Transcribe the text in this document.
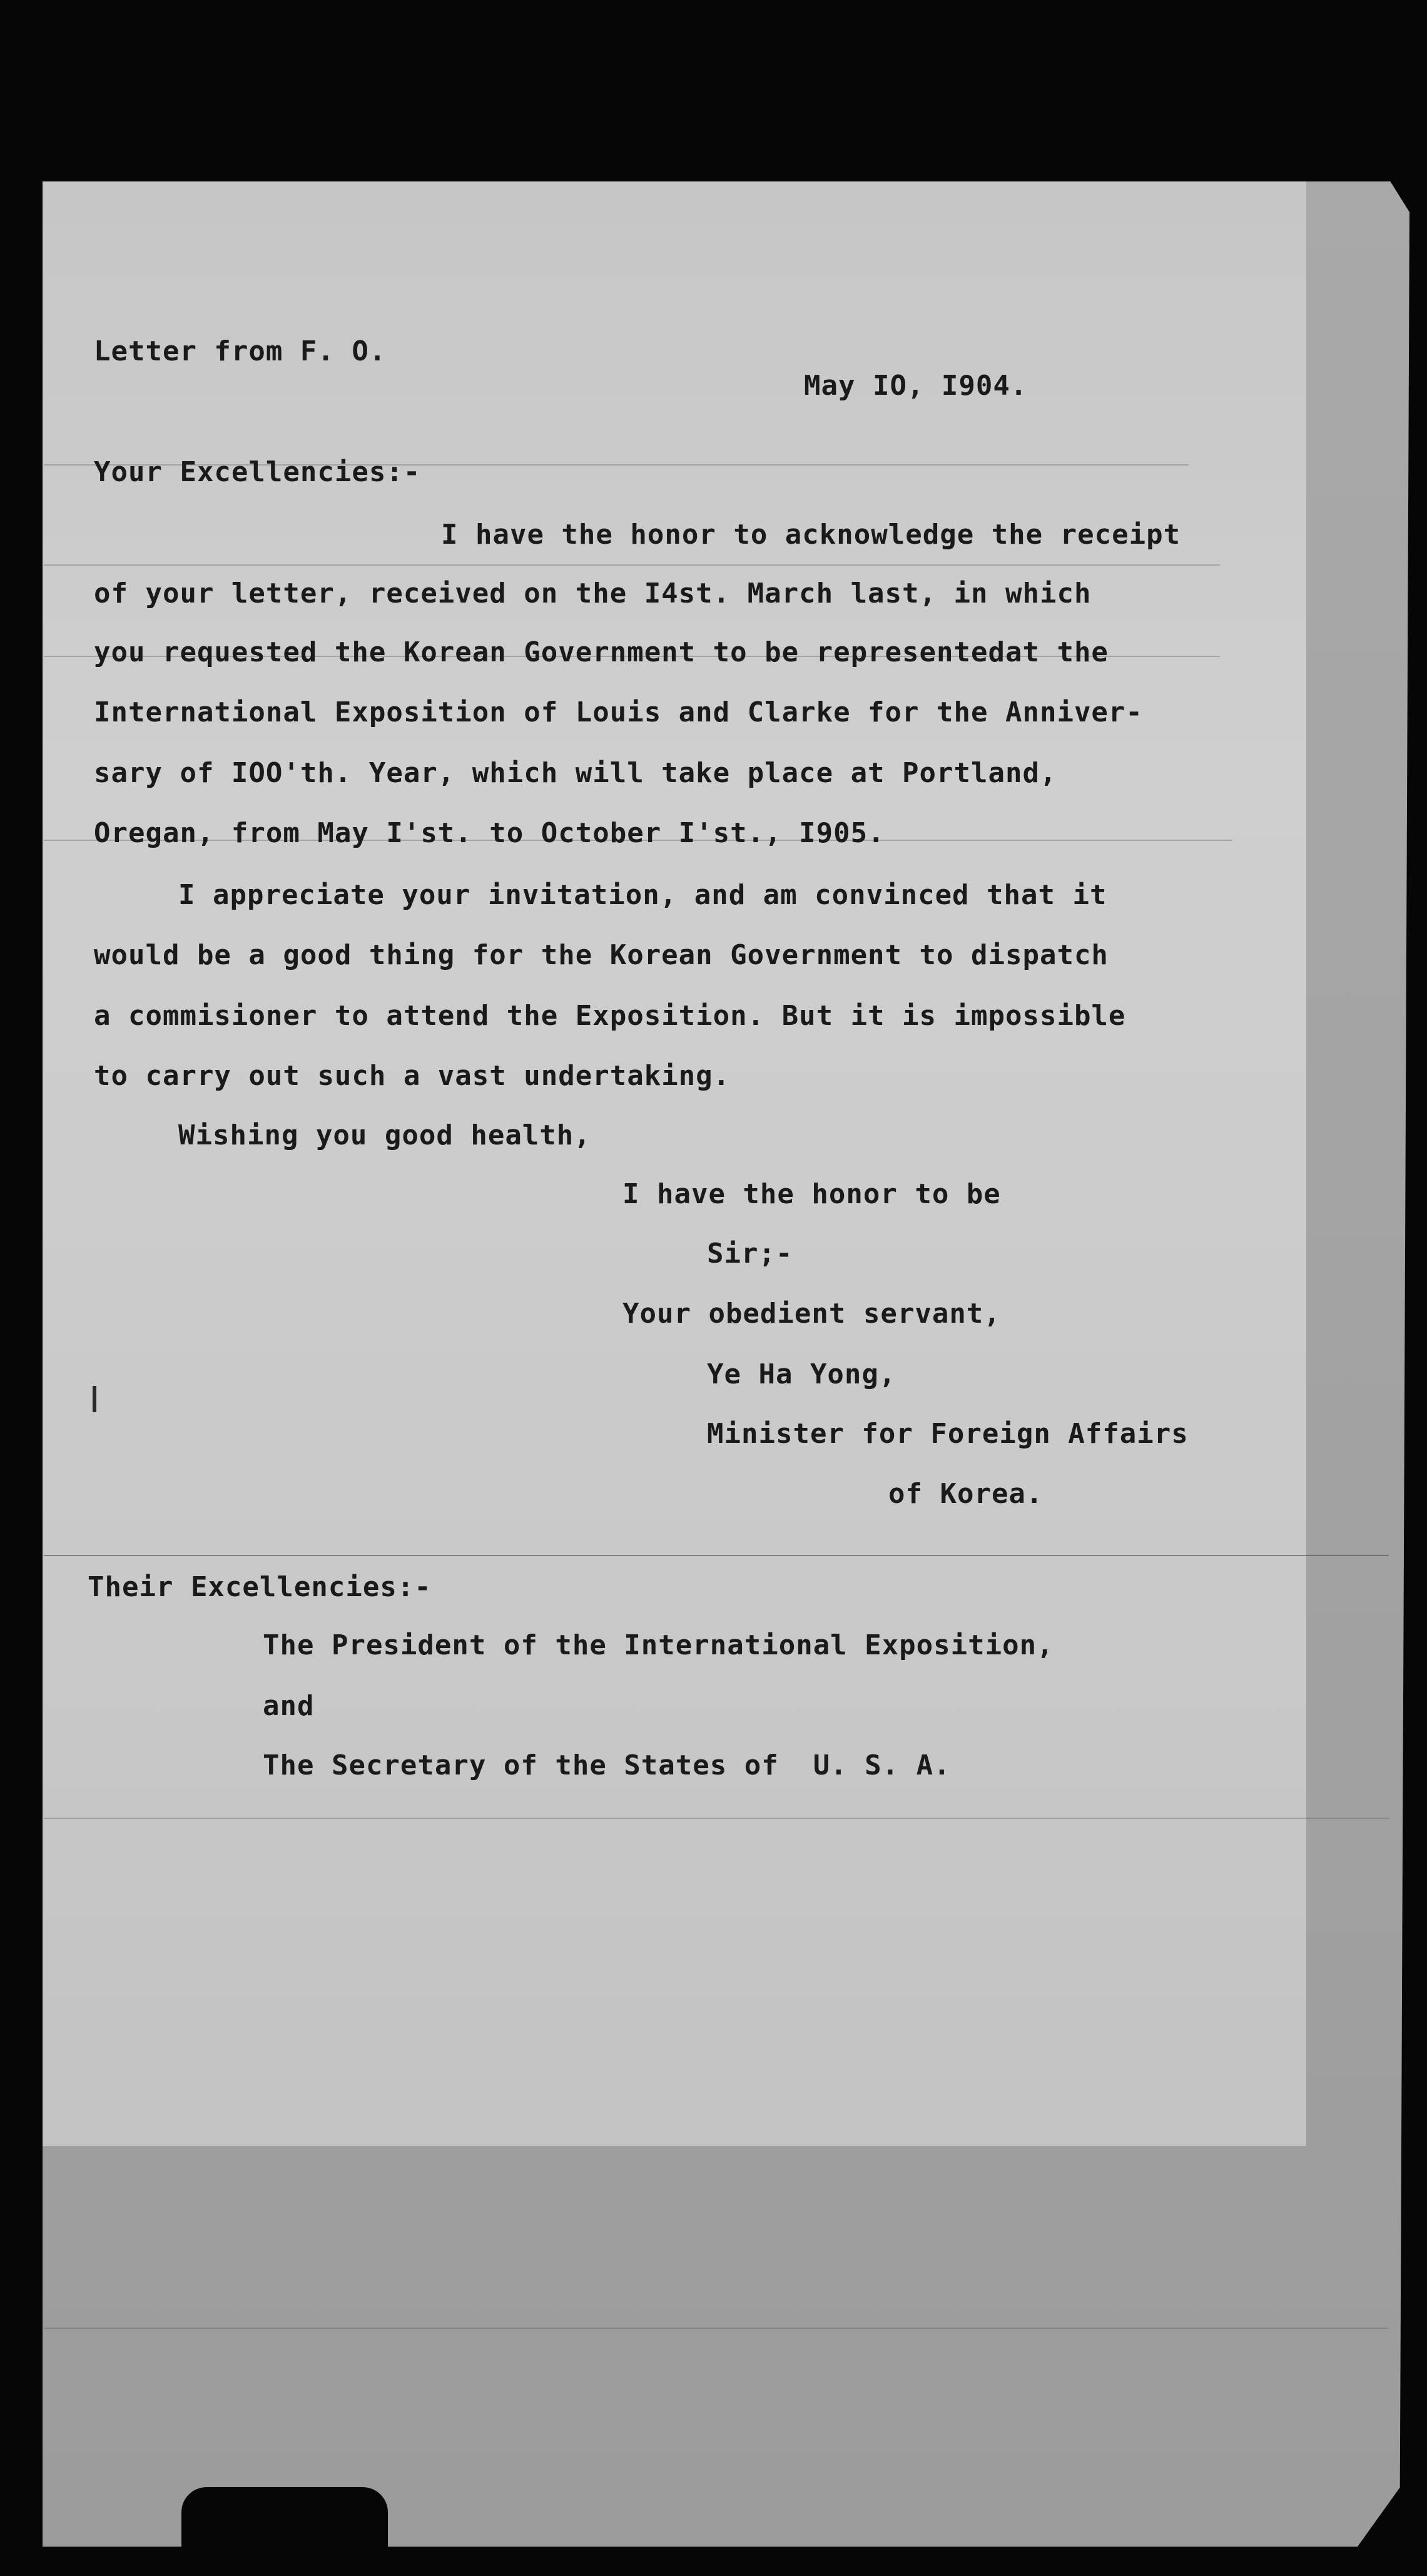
Letter from F. O.
May IO, I904.
Your Excellencies:-
I have the honor to acknowledge the receipt
of your letter, received on the I4st. March last, in which
you requested the Korean Government to be representedat the
International Exposition of Louis and Clarke for the Anniver-
sary of IOO'th. Year, which will take place at Portland,
Oregan, from May I'st. to October I'st., I905.
I appreciate your invitation, and am convinced that it
would be a good thing for the Korean Government to dispatch
a commisioner to attend the Exposition. But it is impossible
to carry out such a vast undertaking.
Wishing you good health,
I have the honor to be
Sir;-
Your obedient servant,
Ye Ha Yong,
Minister for Foreign Affairs
of Korea.
Their Excellencies:-
The President of the International Exposition,
and
The Secretary of the States of  U. S. A.
